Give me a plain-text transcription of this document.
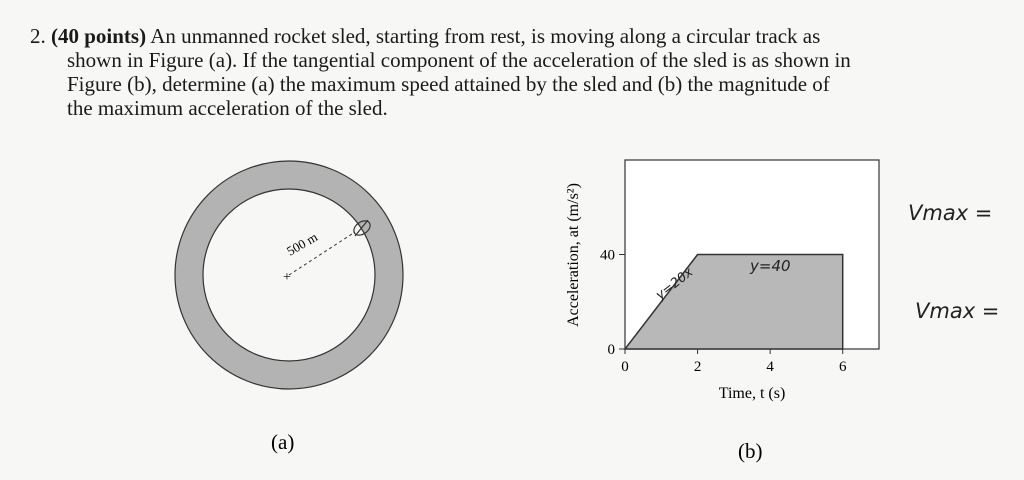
2. (40 points) An unmanned rocket sled, starting from rest, is moving along a circular track as
shown in Figure (a). If the tangential component of the acceleration of the sled is as shown in
Figure (b), determine (a) the maximum speed attained by the sled and (b) the magnitude of
the maximum acceleration of the sled.
+
500 m
(a)
0	2	4	6
0
40
Time, t (s)
Acceleration, at (m/s²)	y=20x	y=40
(b)
Vmax =
Vmax =
